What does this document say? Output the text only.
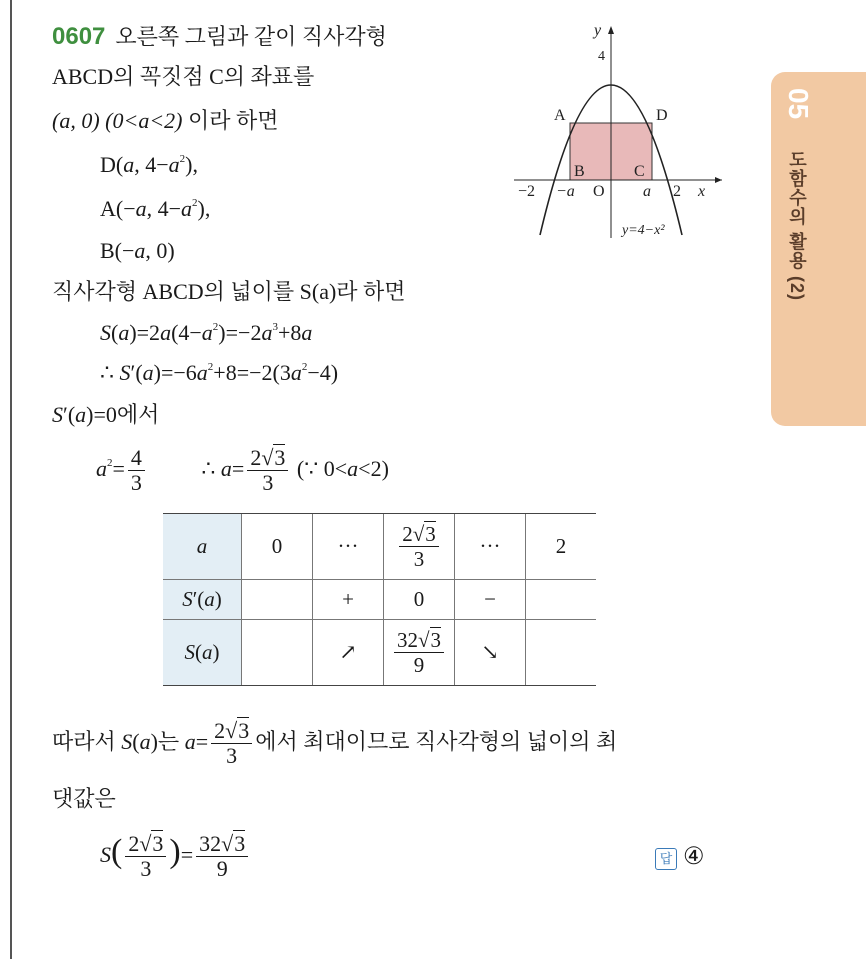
05
도함수의 활용 (2)
0607 오른쪽 그림과 같이 직사각형
ABCD의 꼭짓점 C의 좌표를
(a, 0) (0<a<2) 이라 하면
D(a, $4-a^2$),
A(−a, $4-a^2$),
B(−a, 0)
직사각형 ABCD의 넓이를 S(a)라 하면
$S(a)=2a(4-a^2)=-2a^3+8a$
∴ $S'(a)=-6a^2+8=-2(3a^2-4)$
S′(a)=0에서
$a^2= \frac{4}{3}$	∴ $a= \frac{2√3}{3}$ (∵ 0<a<2)
a	0	···	$\frac{2√3}{3}$	···	2
S′(a)		+	0	−	
S(a)		↗	$\frac{32√3}{9}$	↘	
따라서 S(a)는 $a= \frac{2√3}{3}$ 에서 최대이므로 직사각형의 넓이의 최
댓값은
$S( \frac{2√3}{3}$ )= $\frac{32√3}{9}$	답 ④
y
4
A	D
B	C
−2 −a O a 2 x
y=4−x²
